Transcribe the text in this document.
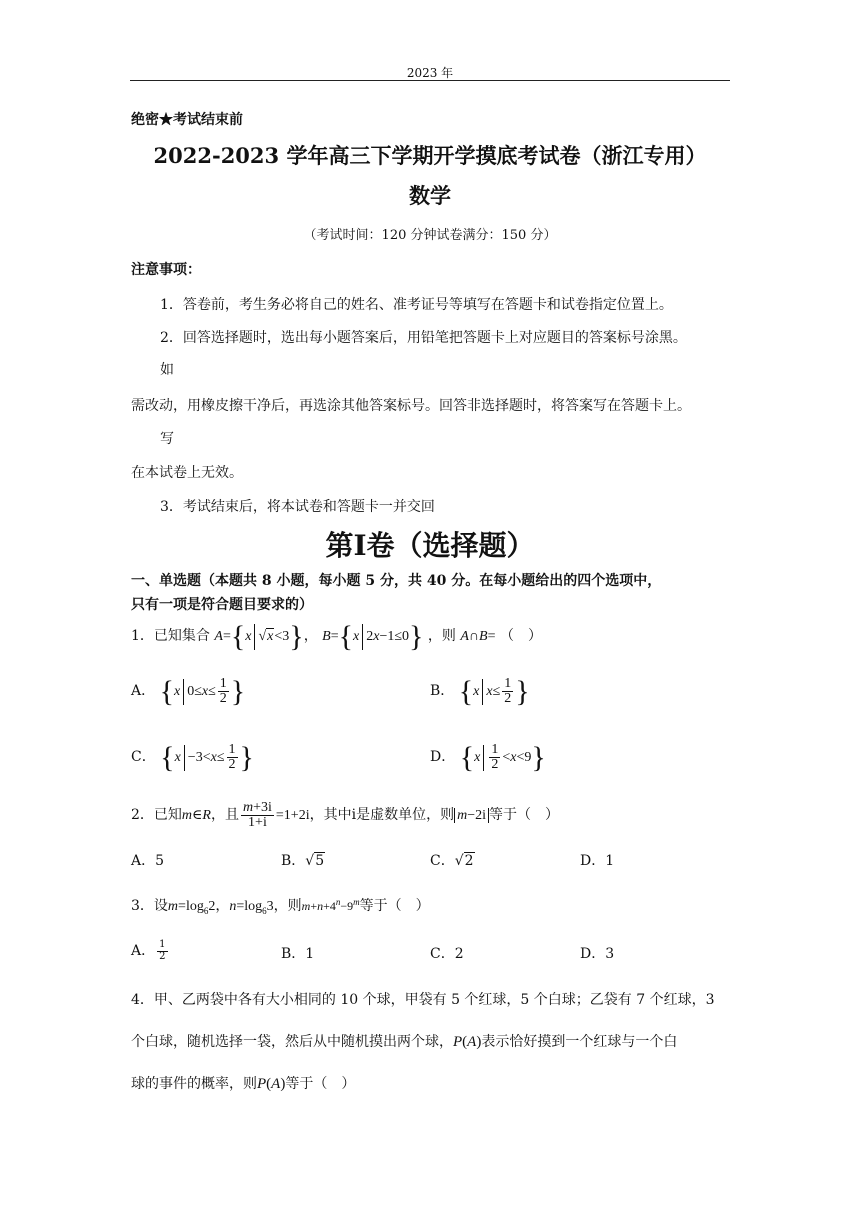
2023 年
绝密★考试结束前
2022-2023 学年高三下学期开学摸底考试卷（浙江专用）
数学
（考试时间：120 分钟试卷满分：150 分）
注意事项：
1．答卷前，考生务必将自己的姓名、准考证号等填写在答题卡和试卷指定位置上。
2．回答选择题时，选出每小题答案后，用铅笔把答题卡上对应题目的答案标号涂黑。
如
需改动，用橡皮擦干净后，再选涂其他答案标号。回答非选择题时，将答案写在答题卡上。
写
在本试卷上无效。
3．考试结束后，将本试卷和答题卡一并交回
第I卷（选择题）
一、单选题（本题共 8 小题，每小题 5 分，共 40 分。在每小题给出的四个选项中，
只有一项是符合题目要求的）
1．已知集合 A={x √x<3}， B={x 2x−1≤0} ，则 A∩B= （　）
A． {x $0\le x\le \frac{1}{2}$ }	B． {x $x\le \frac{1}{2}$ }
C． {$x -3<x\le \frac{1}{2}$ }	D． $\{x \frac{1}{2} <x<9\}$
2．已知m∈R，且 $\frac{m+3i}{1+i} =1+2i$，其中i是虚数单位，则 m−2i 等于（　）
A．5	B．√5	C．√2	D．1
3．设$m=\log_62$，$n=\log_63$，则$m+n+4^n-9^m$等于（　）
A． $\frac{1}{2}$	B．1	C．2	D．3
4．甲、乙两袋中各有大小相同的 10 个球，甲袋有 5 个红球，5 个白球；乙袋有 7 个红球，3
个白球，随机选择一袋，然后从中随机摸出两个球，P(A)表示恰好摸到一个红球与一个白
球的事件的概率，则P(A)等于（　）
